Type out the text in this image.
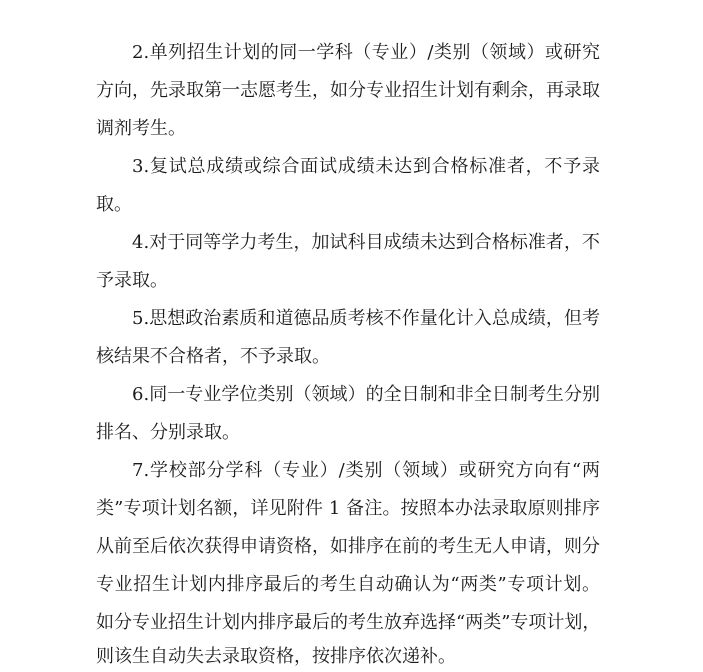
2.单列招生计划的同一学科（专业）/类别（领域）或研究
方向，先录取第一志愿考生，如分专业招生计划有剩余，再录取
调剂考生。
3.复试总成绩或综合面试成绩未达到合格标准者，不予录
取。
4.对于同等学力考生，加试科目成绩未达到合格标准者，不
予录取。
5.思想政治素质和道德品质考核不作量化计入总成绩，但考
核结果不合格者，不予录取。
6.同一专业学位类别（领域）的全日制和非全日制考生分别
排名、分别录取。
7.学校部分学科（专业）/类别（领域）或研究方向有“两
类”专项计划名额，详见附件 1 备注。按照本办法录取原则排序
从前至后依次获得申请资格，如排序在前的考生无人申请，则分
专业招生计划内排序最后的考生自动确认为“两类”专项计划。
如分专业招生计划内排序最后的考生放弃选择“两类”专项计划，
则该生自动失去录取资格，按排序依次递补。
